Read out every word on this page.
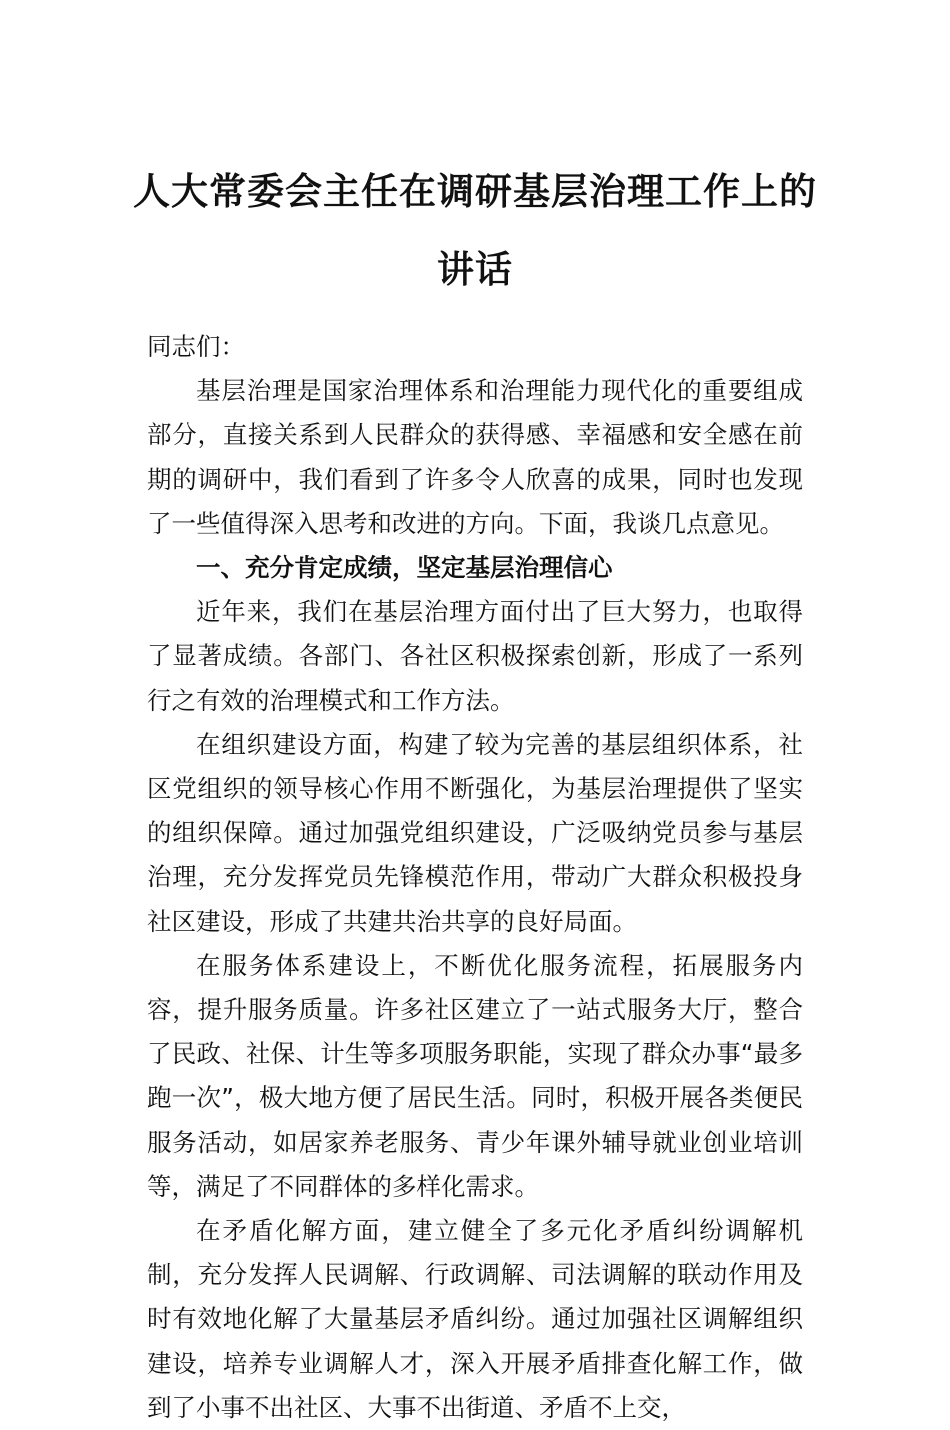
人大常委会主任在调研基层治理工作上的讲话

同志们：

基层治理是国家治理体系和治理能力现代化的重要组成部分，直接关系到人民群众的获得感、幸福感和安全感在前期的调研中，我们看到了许多令人欣喜的成果，同时也发现了一些值得深入思考和改进的方向。下面，我谈几点意见。

一、充分肯定成绩，坚定基层治理信心

近年来，我们在基层治理方面付出了巨大努力，也取得了显著成绩。各部门、各社区积极探索创新，形成了一系列行之有效的治理模式和工作方法。

在组织建设方面，构建了较为完善的基层组织体系，社区党组织的领导核心作用不断强化，为基层治理提供了坚实的组织保障。通过加强党组织建设，广泛吸纳党员参与基层治理，充分发挥党员先锋模范作用，带动广大群众积极投身社区建设，形成了共建共治共享的良好局面。

在服务体系建设上，不断优化服务流程，拓展服务内容，提升服务质量。许多社区建立了一站式服务大厅，整合了民政、社保、计生等多项服务职能，实现了群众办事“最多跑一次”，极大地方便了居民生活。同时，积极开展各类便民服务活动，如居家养老服务、青少年课外辅导就业创业培训等，满足了不同群体的多样化需求。

在矛盾化解方面，建立健全了多元化矛盾纠纷调解机制，充分发挥人民调解、行政调解、司法调解的联动作用及时有效地化解了大量基层矛盾纠纷。通过加强社区调解组织建设，培养专业调解人才，深入开展矛盾排查化解工作，做到了小事不出社区、大事不出街道、矛盾不上交，
